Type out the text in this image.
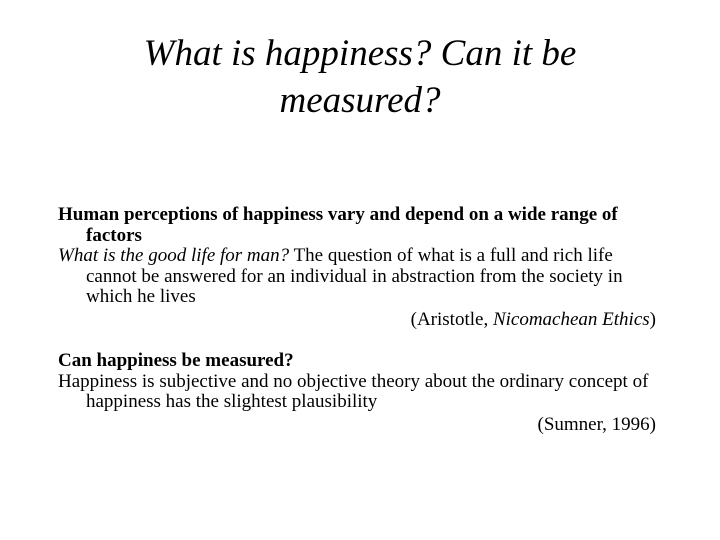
What is happiness? Can it be
measured?

Human perceptions of happiness vary and depend on a wide range of factors

What is the good life for man? The question of what is a full and rich life cannot be answered for an individual in abstraction from the society in which he lives

(Aristotle, Nicomachean Ethics)

Can happiness be measured?

Happiness is subjective and no objective theory about the ordinary concept of happiness has the slightest plausibility

(Sumner, 1996)
